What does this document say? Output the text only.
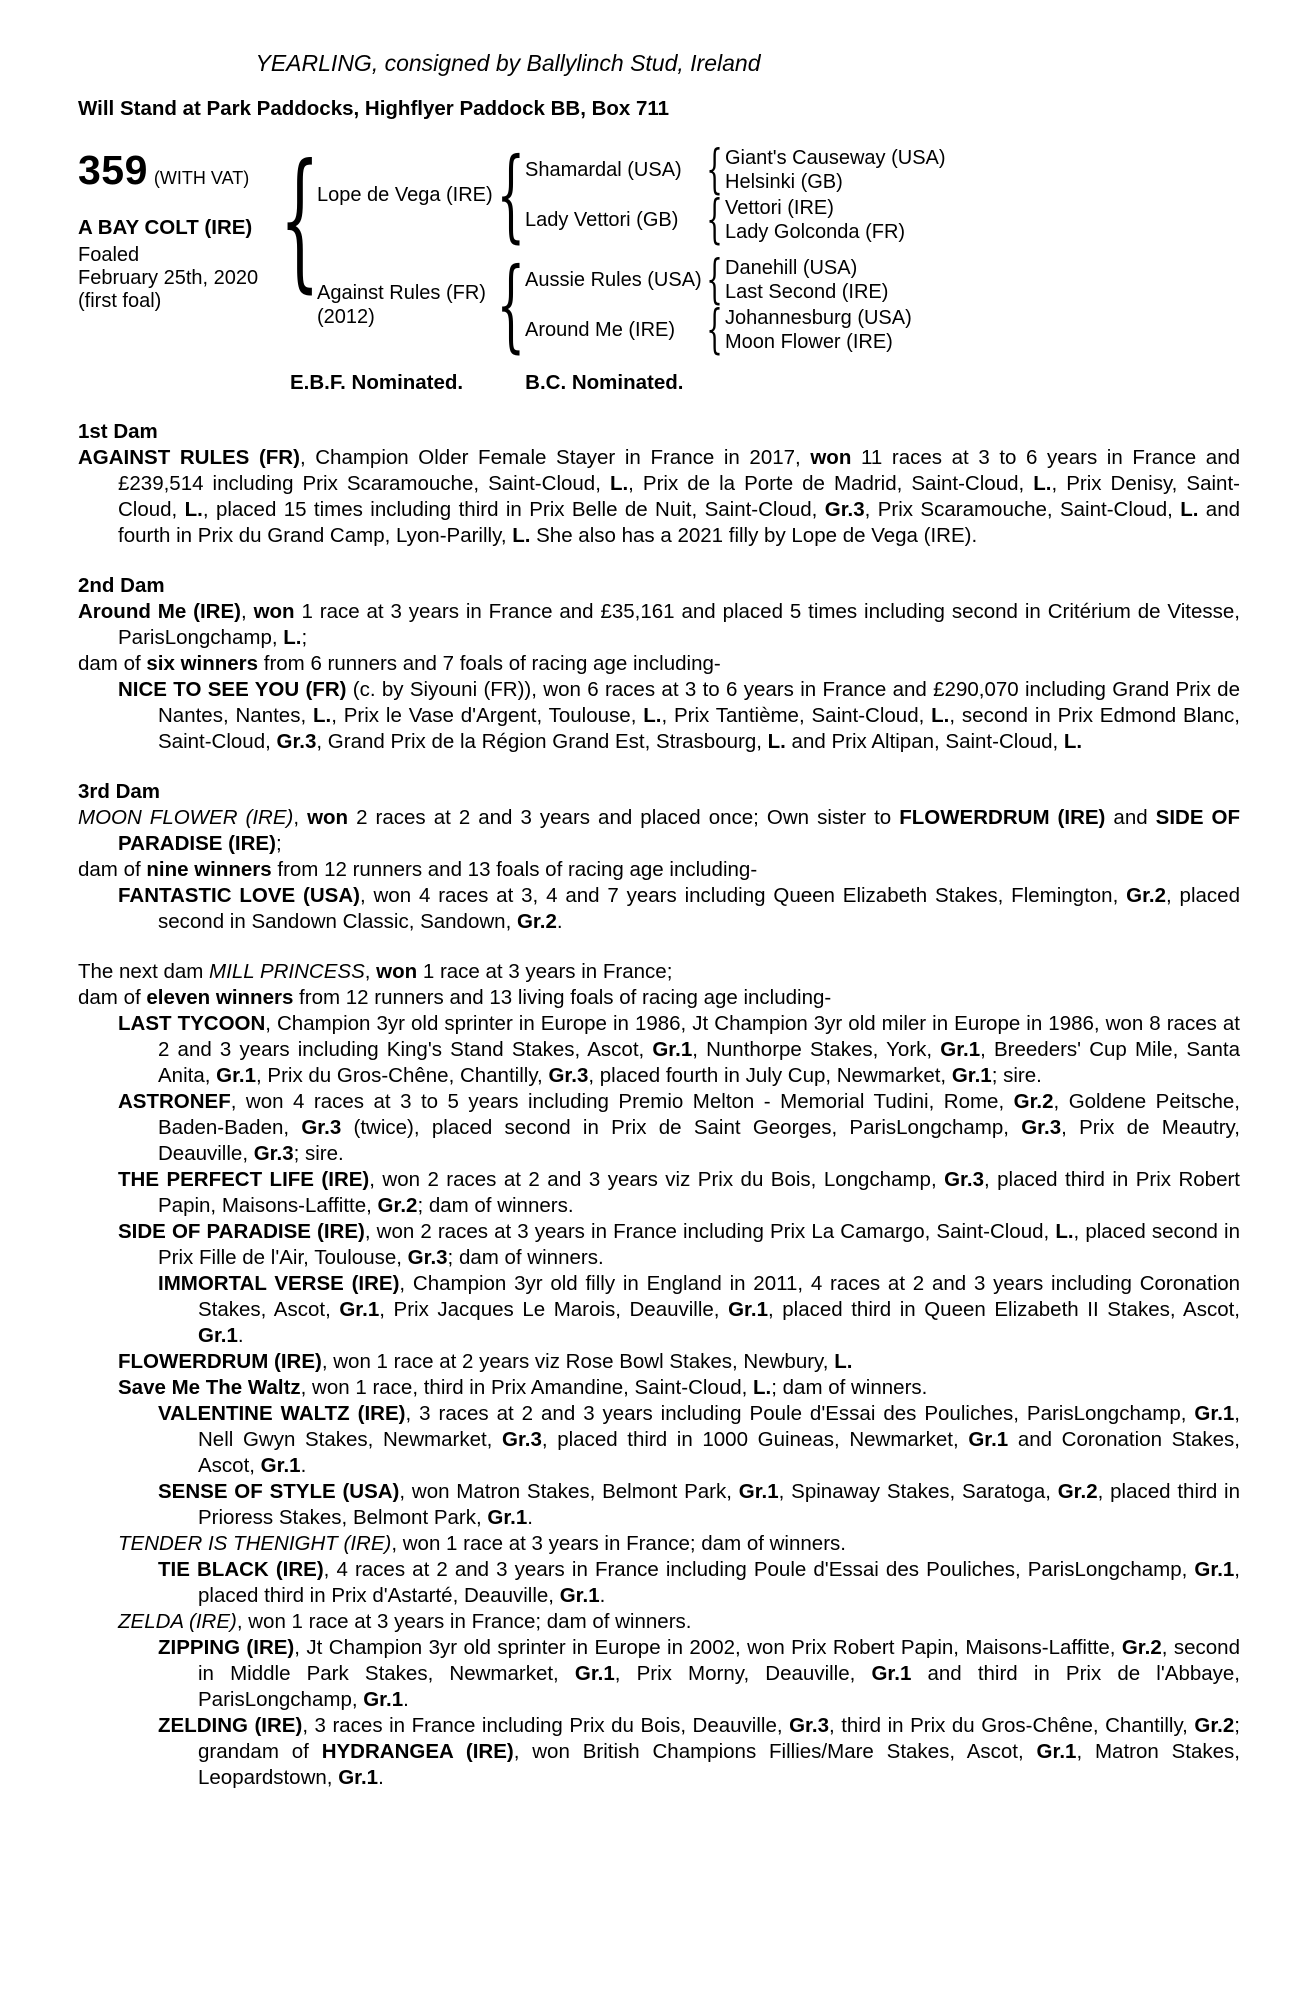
YEARLING, consigned by Ballylinch Stud, Ireland
Will Stand at Park Paddocks, Highflyer Paddock BB, Box 711
359 (WITH VAT)
A BAY COLT (IRE)
Foaled
February 25th, 2020
(first foal) {
Lope de Vega (IRE) { Shamardal (USA) { Giant's Causeway (USA)
Helsinki (GB)
Lady Vettori (GB) { Vettori (IRE)
Lady Golconda (FR)
Against Rules (FR)
(2012)	{ Aussie Rules (USA) { Danehill (USA)
Last Second (IRE)
Around Me (IRE) { Johannesburg (USA)
Moon Flower (IRE)
E.B.F. Nominated.	B.C. Nominated.
1st Dam

AGAINST RULES (FR), Champion Older Female Stayer in France in 2017, won 11 races at 3 to 6 years in France and £239,514 including Prix Scaramouche, Saint-Cloud, L., Prix de la Porte de Madrid, Saint-Cloud, L., Prix Denisy, Saint-Cloud, L., placed 15 times including third in Prix Belle de Nuit, Saint-Cloud, Gr.3, Prix Scaramouche, Saint-Cloud, L. and fourth in Prix du Grand Camp, Lyon-Parilly, L. She also has a 2021 filly by Lope de Vega (IRE).

2nd Dam

Around Me (IRE), won 1 race at 3 years in France and £35,161 and placed 5 times including second in Critérium de Vitesse, ParisLongchamp, L.;

dam of six winners from 6 runners and 7 foals of racing age including-

NICE TO SEE YOU (FR) (c. by Siyouni (FR)), won 6 races at 3 to 6 years in France and £290,070 including Grand Prix de Nantes, Nantes, L., Prix le Vase d'Argent, Toulouse, L., Prix Tantième, Saint-Cloud, L., second in Prix Edmond Blanc, Saint-Cloud, Gr.3, Grand Prix de la Région Grand Est, Strasbourg, L. and Prix Altipan, Saint-Cloud, L.

3rd Dam

MOON FLOWER (IRE), won 2 races at 2 and 3 years and placed once; Own sister to FLOWERDRUM (IRE) and SIDE OF PARADISE (IRE);

dam of nine winners from 12 runners and 13 foals of racing age including-

FANTASTIC LOVE (USA), won 4 races at 3, 4 and 7 years including Queen Elizabeth Stakes, Flemington, Gr.2, placed second in Sandown Classic, Sandown, Gr.2.

The next dam MILL PRINCESS, won 1 race at 3 years in France;

dam of eleven winners from 12 runners and 13 living foals of racing age including-

LAST TYCOON, Champion 3yr old sprinter in Europe in 1986, Jt Champion 3yr old miler in Europe in 1986, won 8 races at 2 and 3 years including King's Stand Stakes, Ascot, Gr.1, Nunthorpe Stakes, York, Gr.1, Breeders' Cup Mile, Santa Anita, Gr.1, Prix du Gros-Chêne, Chantilly, Gr.3, placed fourth in July Cup, Newmarket, Gr.1; sire.

ASTRONEF, won 4 races at 3 to 5 years including Premio Melton - Memorial Tudini, Rome, Gr.2, Goldene Peitsche, Baden-Baden, Gr.3 (twice), placed second in Prix de Saint Georges, ParisLongchamp, Gr.3, Prix de Meautry, Deauville, Gr.3; sire.

THE PERFECT LIFE (IRE), won 2 races at 2 and 3 years viz Prix du Bois, Longchamp, Gr.3, placed third in Prix Robert Papin, Maisons-Laffitte, Gr.2; dam of winners.

SIDE OF PARADISE (IRE), won 2 races at 3 years in France including Prix La Camargo, Saint-Cloud, L., placed second in Prix Fille de l'Air, Toulouse, Gr.3; dam of winners.

IMMORTAL VERSE (IRE), Champion 3yr old filly in England in 2011, 4 races at 2 and 3 years including Coronation Stakes, Ascot, Gr.1, Prix Jacques Le Marois, Deauville, Gr.1, placed third in Queen Elizabeth II Stakes, Ascot, Gr.1.

FLOWERDRUM (IRE), won 1 race at 2 years viz Rose Bowl Stakes, Newbury, L.

Save Me The Waltz, won 1 race, third in Prix Amandine, Saint-Cloud, L.; dam of winners.

VALENTINE WALTZ (IRE), 3 races at 2 and 3 years including Poule d'Essai des Pouliches, ParisLongchamp, Gr.1, Nell Gwyn Stakes, Newmarket, Gr.3, placed third in 1000 Guineas, Newmarket, Gr.1 and Coronation Stakes, Ascot, Gr.1.

SENSE OF STYLE (USA), won Matron Stakes, Belmont Park, Gr.1, Spinaway Stakes, Saratoga, Gr.2, placed third in Prioress Stakes, Belmont Park, Gr.1.

TENDER IS THENIGHT (IRE), won 1 race at 3 years in France; dam of winners.

TIE BLACK (IRE), 4 races at 2 and 3 years in France including Poule d'Essai des Pouliches, ParisLongchamp, Gr.1, placed third in Prix d'Astarté, Deauville, Gr.1.

ZELDA (IRE), won 1 race at 3 years in France; dam of winners.

ZIPPING (IRE), Jt Champion 3yr old sprinter in Europe in 2002, won Prix Robert Papin, Maisons-Laffitte, Gr.2, second in Middle Park Stakes, Newmarket, Gr.1, Prix Morny, Deauville, Gr.1 and third in Prix de l'Abbaye, ParisLongchamp, Gr.1.

ZELDING (IRE), 3 races in France including Prix du Bois, Deauville, Gr.3, third in Prix du Gros-Chêne, Chantilly, Gr.2; grandam of HYDRANGEA (IRE), won British Champions Fillies/Mare Stakes, Ascot, Gr.1, Matron Stakes, Leopardstown, Gr.1.
